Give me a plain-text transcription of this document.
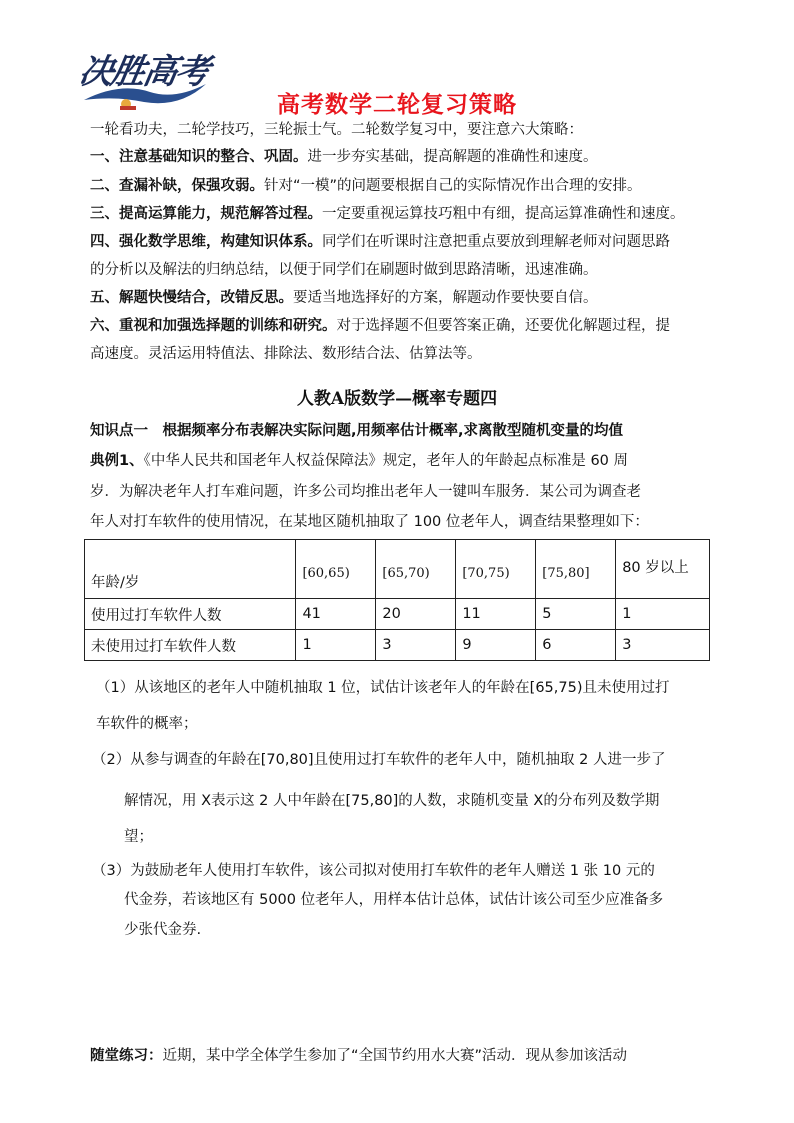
决胜高考
高考数学二轮复习策略
一轮看功夫，二轮学技巧，三轮振士气。二轮数学复习中，要注意六大策略：
一、注意基础知识的整合、巩固。进一步夯实基础，提高解题的准确性和速度。
二、查漏补缺，保强攻弱。针对“一模”的问题要根据自己的实际情况作出合理的安排。
三、提高运算能力，规范解答过程。一定要重视运算技巧粗中有细，提高运算准确性和速度。
四、强化数学思维，构建知识体系。同学们在听课时注意把重点要放到理解老师对问题思路
的分析以及解法的归纳总结，以便于同学们在刷题时做到思路清晰，迅速准确。
五、解题快慢结合，改错反思。要适当地选择好的方案，解题动作要快要自信。
六、重视和加强选择题的训练和研究。对于选择题不但要答案正确，还要优化解题过程，提
高速度。灵活运用特值法、排除法、数形结合法、估算法等。
人教A版数学—概率专题四
知识点一　根据频率分布表解决实际问题,用频率估计概率,求离散型随机变量的均值
典例1、《中华人民共和国老年人权益保障法》规定，老年人的年龄起点标准是 60 周
岁．为解决老年人打车难问题，许多公司均推出老年人一键叫车服务．某公司为调查老
年人对打车软件的使用情况，在某地区随机抽取了 100 位老年人，调查结果整理如下：
年龄/岁	[60,65)	[65,70)	[70,75)	[75,80]	80 岁以上
使用过打车软件人数	41	20	11	5	1
未使用过打车软件人数	1	3	9	6	3
（1）从该地区的老年人中随机抽取 1 位，试估计该老年人的年龄在[65,75)且未使用过打
车软件的概率；
（2）从参与调查的年龄在[70,80]且使用过打车软件的老年人中，随机抽取 2 人进一步了
解情况，用 X表示这 2 人中年龄在[75,80]的人数，求随机变量 X的分布列及数学期
望；
（3）为鼓励老年人使用打车软件，该公司拟对使用打车软件的老年人赠送 1 张 10 元的
代金券，若该地区有 5000 位老年人，用样本估计总体，试估计该公司至少应准备多
少张代金券.
随堂练习：近期，某中学全体学生参加了“全国节约用水大赛”活动．现从参加该活动
